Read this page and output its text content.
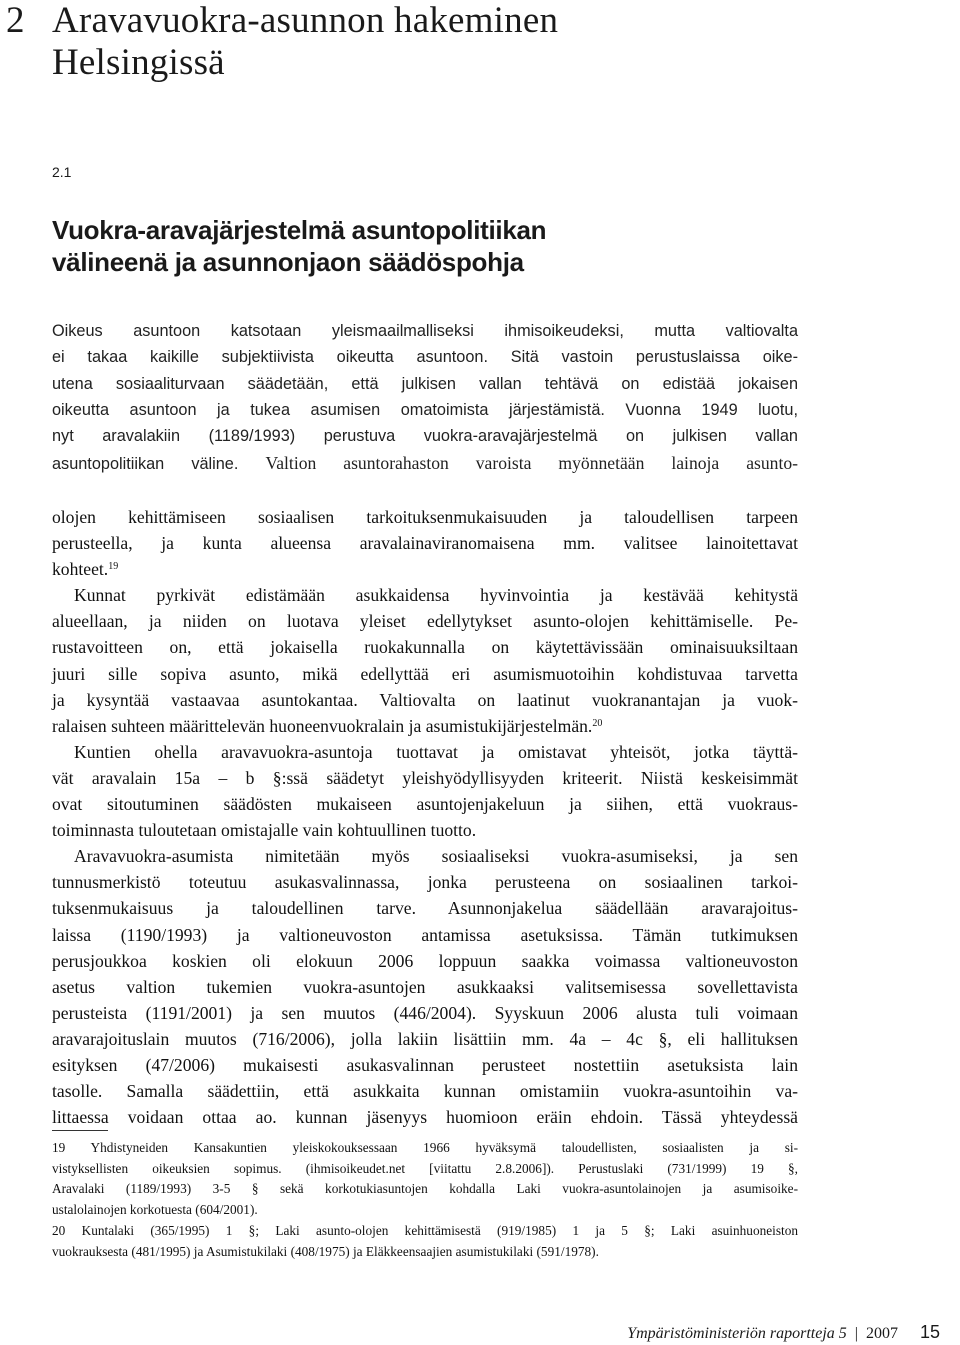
2 Aravavuokra-asunnon hakeminen
Helsingissä
2.1
Vuokra-aravajärjestelmä asuntopolitiikan
välineenä ja asunnonjaon säädöspohja
Oikeus asuntoon katsotaan yleismaailmalliseksi ihmisoikeudeksi, mutta valtiovalta
ei takaa kaikille subjektiivista oikeutta asuntoon. Sitä vastoin perustuslaissa oike-
utena sosiaaliturvaan säädetään, että julkisen vallan tehtävä on edistää jokaisen
oikeutta asuntoon ja tukea asumisen omatoimista järjestämistä. Vuonna 1949 luotu,
nyt aravalakiin (1189/1993) perustuva vuokra-aravajärjestelmä on julkisen vallan
asuntopolitiikan väline. Valtion asuntorahaston varoista myönnetään lainoja asunto-
olojen kehittämiseen sosiaalisen tarkoituksenmukaisuuden ja taloudellisen tarpeen
perusteella, ja kunta alueensa aravalainaviranomaisena mm. valitsee lainoitettavat
kohteet.$^{19}$
Kunnat pyrkivät edistämään asukkaidensa hyvinvointia ja kestävää kehitystä
alueellaan, ja niiden on luotava yleiset edellytykset asunto-olojen kehittämiselle. Pe-
rustavoitteen on, että jokaisella ruokakunnalla on käytettävissään ominaisuuksiltaan
juuri sille sopiva asunto, mikä edellyttää eri asumismuotoihin kohdistuvaa tarvetta
ja kysyntää vastaavaa asuntokantaa. Valtiovalta on laatinut vuokranantajan ja vuok-
ralaisen suhteen määrittelevän huoneenvuokralain ja asumistukijärjestelmän.$^{20}$
Kuntien ohella aravavuokra-asuntoja tuottavat ja omistavat yhteisöt, jotka täyttä-
vät aravalain 15a – b §:ssä säädetyt yleishyödyllisyyden kriteerit. Niistä keskeisimmät
ovat sitoutuminen säädösten mukaiseen asuntojenjakeluun ja siihen, että vuokraus-
toiminnasta tuloutetaan omistajalle vain kohtuullinen tuotto.
Aravavuokra-asumista nimitetään myös sosiaaliseksi vuokra-asumiseksi, ja sen
tunnusmerkistö toteutuu asukasvalinnassa, jonka perusteena on sosiaalinen tarkoi-
tuksenmukaisuus ja taloudellinen tarve. Asunnonjakelua säädellään aravarajoitus-
laissa (1190/1993) ja valtioneuvoston antamissa asetuksissa. Tämän tutkimuksen
perusjoukkoa koskien oli elokuun 2006 loppuun saakka voimassa valtioneuvoston
asetus valtion tukemien vuokra-asuntojen asukkaaksi valitsemisessa sovellettavista
perusteista (1191/2001) ja sen muutos (446/2004). Syyskuun 2006 alusta tuli voimaan
aravarajoituslain muutos (716/2006), jolla lakiin lisättiin mm. 4a – 4c §, eli hallituksen
esityksen (47/2006) mukaisesti asukasvalinnan perusteet nostettiin asetuksista lain
tasolle. Samalla säädettiin, että asukkaita kunnan omistamiin vuokra-asuntoihin va-
littaessa voidaan ottaa ao. kunnan jäsenyys huomioon eräin ehdoin. Tässä yhteydessä
19 Yhdistyneiden Kansakuntien yleiskokouksessaan 1966 hyväksymä taloudellisten, sosiaalisten ja si-
vistyksellisten oikeuksien sopimus. (ihmisoikeudet.net [viitattu 2.8.2006]). Perustuslaki (731/1999) 19 §,
Aravalaki (1189/1993) 3-5 § sekä korkotukiasuntojen kohdalla Laki vuokra-asuntolainojen ja asumisoike-
ustalolainojen korkotuesta (604/2001).
20 Kuntalaki (365/1995) 1 §; Laki asunto-olojen kehittämisestä (919/1985) 1 ja 5 §; Laki asuinhuoneiston
vuokrauksesta (481/1995) ja Asumistukilaki (408/1975) ja Eläkkeensaajien asumistukilaki (591/1978).
Ympäristöministeriön raportteja 5 | 2007 15
